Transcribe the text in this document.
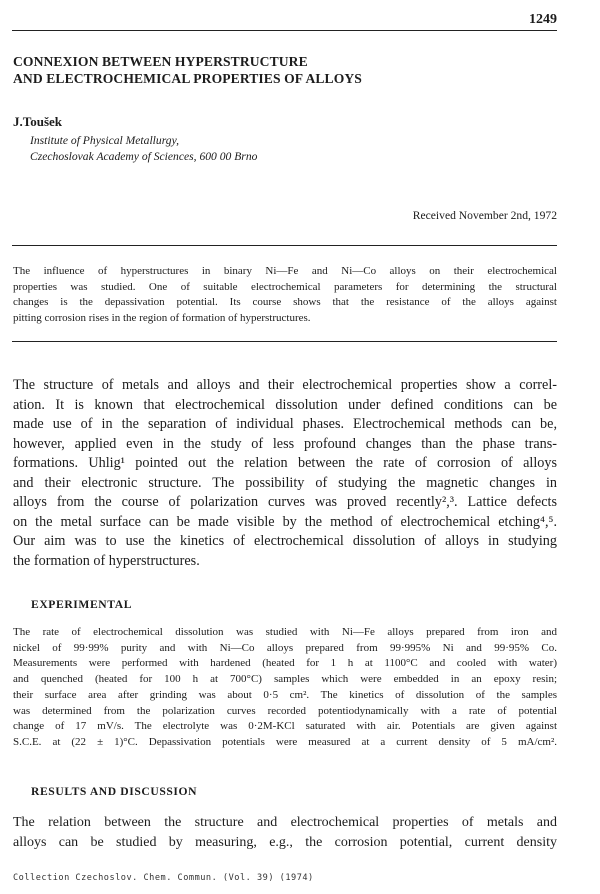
1249
CONNEXION BETWEEN HYPERSTRUCTURE
AND ELECTROCHEMICAL PROPERTIES OF ALLOYS
J.Toušek
Institute of Physical Metallurgy,
Czechoslovak Academy of Sciences, 600 00 Brno
Received November 2nd, 1972
The influence of hyperstructures in binary Ni—Fe and Ni—Co alloys on their electrochemical
properties was studied. One of suitable electrochemical parameters for determining the structural
changes is the depassivation potential. Its course shows that the resistance of the alloys against
pitting corrosion rises in the region of formation of hyperstructures.
The structure of metals and alloys and their electrochemical properties show a correl-
ation. It is known that electrochemical dissolution under defined conditions can be
made use of in the separation of individual phases. Electrochemical methods can be,
however, applied even in the study of less profound changes than the phase trans-
formations. Uhlig¹ pointed out the relation between the rate of corrosion of alloys
and their electronic structure. The possibility of studying the magnetic changes in
alloys from the course of polarization curves was proved recently²,³. Lattice defects
on the metal surface can be made visible by the method of electrochemical etching⁴,⁵.
Our aim was to use the kinetics of electrochemical dissolution of alloys in studying
the formation of hyperstructures.
EXPERIMENTAL
The rate of electrochemical dissolution was studied with Ni—Fe alloys prepared from iron and
nickel of 99·99% purity and with Ni—Co alloys prepared from 99·995% Ni and 99·95% Co.
Measurements were performed with hardened (heated for 1 h at 1100°C and cooled with water)
and quenched (heated for 100 h at 700°C) samples which were embedded in an epoxy resin;
their surface area after grinding was about 0·5 cm². The kinetics of dissolution of the samples
was determined from the polarization curves recorded potentiodynamically with a rate of potential
change of 17 mV/s. The electrolyte was 0·2M-KCl saturated with air. Potentials are given against
S.C.E. at (22 ± 1)°C. Depassivation potentials were measured at a current density of 5 mA/cm².
RESULTS AND DISCUSSION
The relation between the structure and electrochemical properties of metals and
alloys can be studied by measuring, e.g., the corrosion potential, current density
Collection Czechoslov. Chem. Commun. (Vol. 39) (1974)
